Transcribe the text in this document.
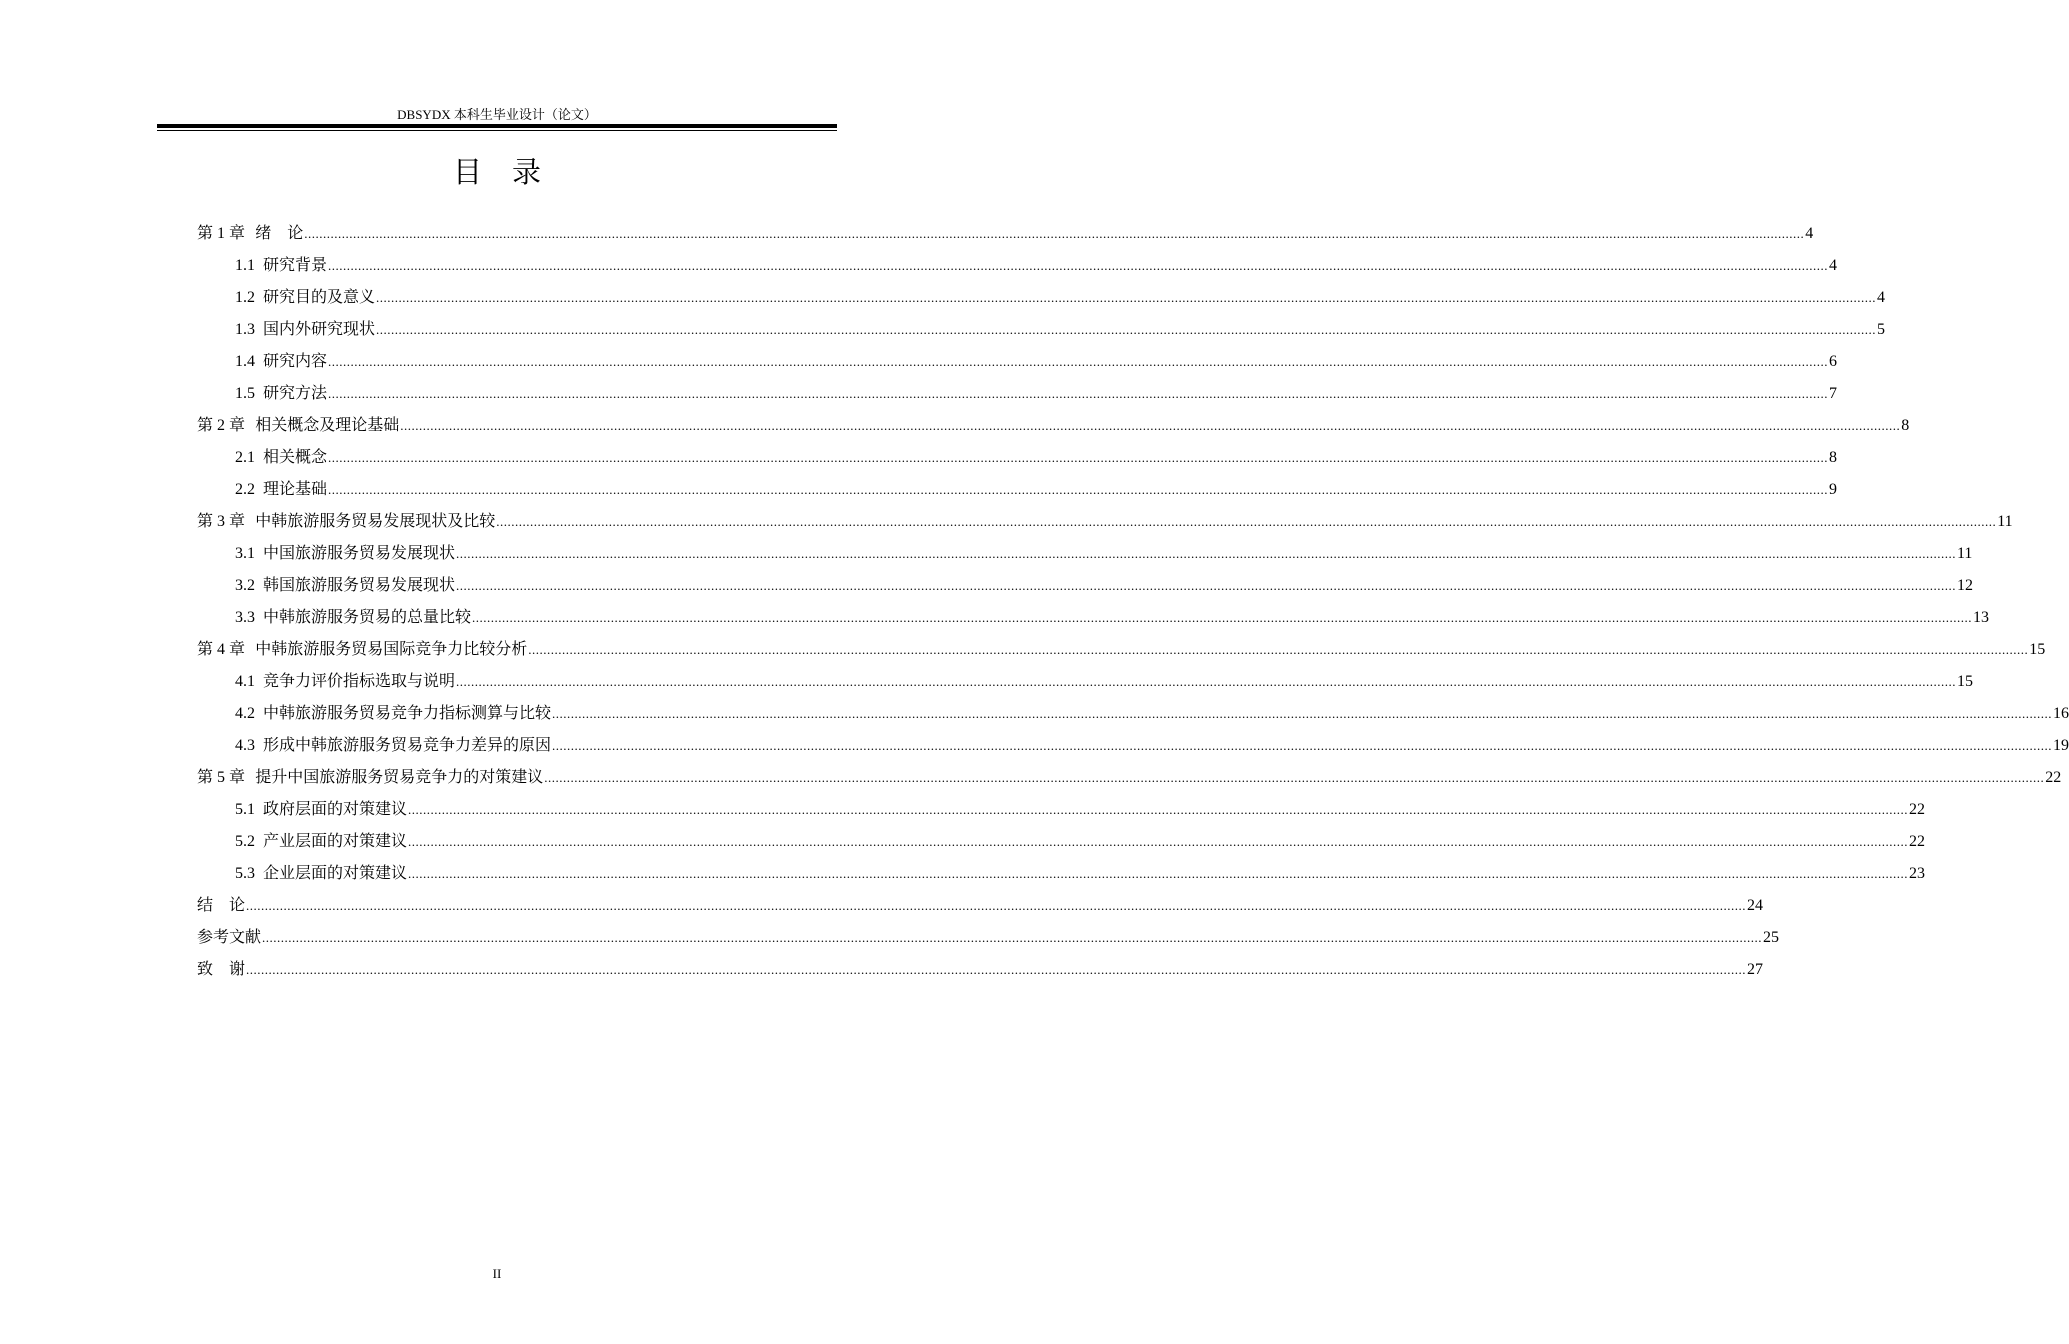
DBSYDX 本科生毕业设计（论文）
目录
第 1 章 绪　论 ................................................................................................................................................................................................................................................................................................................................................................................................................ 4
1.1 研究背景 ................................................................................................................................................................................................................................................................................................................................................................................................................ 4
1.2 研究目的及意义 ................................................................................................................................................................................................................................................................................................................................................................................................................ 4
1.3 国内外研究现状 ................................................................................................................................................................................................................................................................................................................................................................................................................ 5
1.4 研究内容 ................................................................................................................................................................................................................................................................................................................................................................................................................ 6
1.5 研究方法 ................................................................................................................................................................................................................................................................................................................................................................................................................ 7
第 2 章 相关概念及理论基础 ................................................................................................................................................................................................................................................................................................................................................................................................................ 8
2.1 相关概念 ................................................................................................................................................................................................................................................................................................................................................................................................................ 8
2.2 理论基础 ................................................................................................................................................................................................................................................................................................................................................................................................................ 9
第 3 章 中韩旅游服务贸易发展现状及比较 ................................................................................................................................................................................................................................................................................................................................................................................................................ 11
3.1 中国旅游服务贸易发展现状 ................................................................................................................................................................................................................................................................................................................................................................................................................ 11
3.2 韩国旅游服务贸易发展现状 ................................................................................................................................................................................................................................................................................................................................................................................................................ 12
3.3 中韩旅游服务贸易的总量比较 ................................................................................................................................................................................................................................................................................................................................................................................................................ 13
第 4 章 中韩旅游服务贸易国际竞争力比较分析 ................................................................................................................................................................................................................................................................................................................................................................................................................ 15
4.1 竞争力评价指标选取与说明 ................................................................................................................................................................................................................................................................................................................................................................................................................ 15
4.2 中韩旅游服务贸易竞争力指标测算与比较 ................................................................................................................................................................................................................................................................................................................................................................................................................ 16
4.3 形成中韩旅游服务贸易竞争力差异的原因 ................................................................................................................................................................................................................................................................................................................................................................................................................ 19
第 5 章 提升中国旅游服务贸易竞争力的对策建议 ................................................................................................................................................................................................................................................................................................................................................................................................................ 22
5.1 政府层面的对策建议 ................................................................................................................................................................................................................................................................................................................................................................................................................ 22
5.2 产业层面的对策建议 ................................................................................................................................................................................................................................................................................................................................................................................................................ 22
5.3 企业层面的对策建议 ................................................................................................................................................................................................................................................................................................................................................................................................................ 23
结　论 ................................................................................................................................................................................................................................................................................................................................................................................................................ 24
参考文献 ................................................................................................................................................................................................................................................................................................................................................................................................................ 25
致　谢 ................................................................................................................................................................................................................................................................................................................................................................................................................ 27
II
